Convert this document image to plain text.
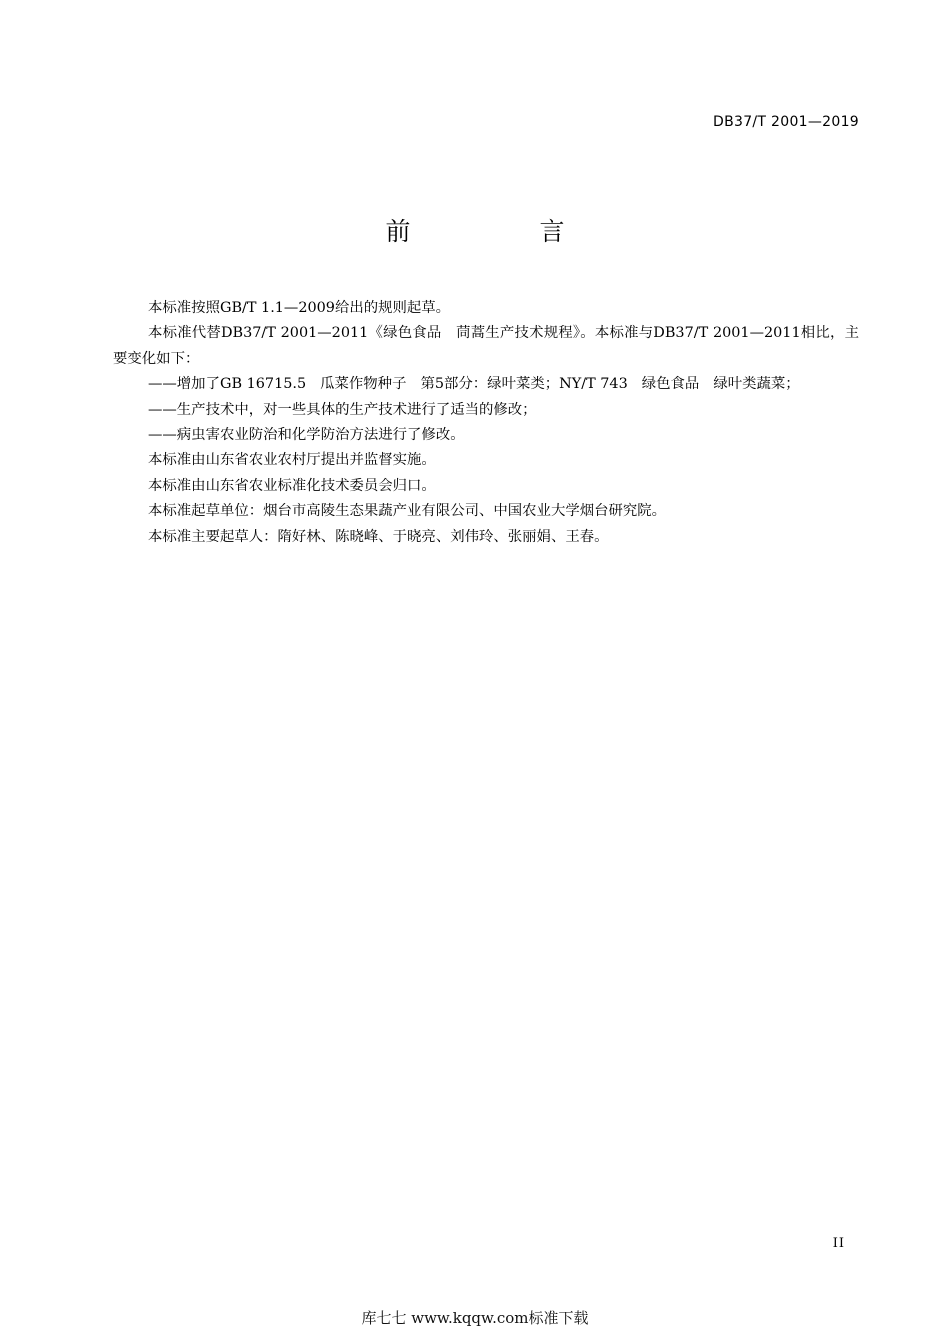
DB37/T 2001—2019
前　言

本标准按照GB/T 1.1—2009给出的规则起草。

本标准代替DB37/T 2001—2011《绿色食品　茼蒿生产技术规程》。本标准与DB37/T 2001—2011相比，主要变化如下：

——增加了GB 16715.5 瓜菜作物种子 第5部分：绿叶菜类；NY/T 743 绿色食品 绿叶类蔬菜；

——生产技术中，对一些具体的生产技术进行了适当的修改；

——病虫害农业防治和化学防治方法进行了修改。

本标准由山东省农业农村厅提出并监督实施。

本标准由山东省农业标准化技术委员会归口。

本标准起草单位：烟台市高陵生态果蔬产业有限公司、中国农业大学烟台研究院。

本标准主要起草人：隋好林、陈晓峰、于晓亮、刘伟玲、张丽娟、王春。

II
库七七 www.kqqw.com标准下载
